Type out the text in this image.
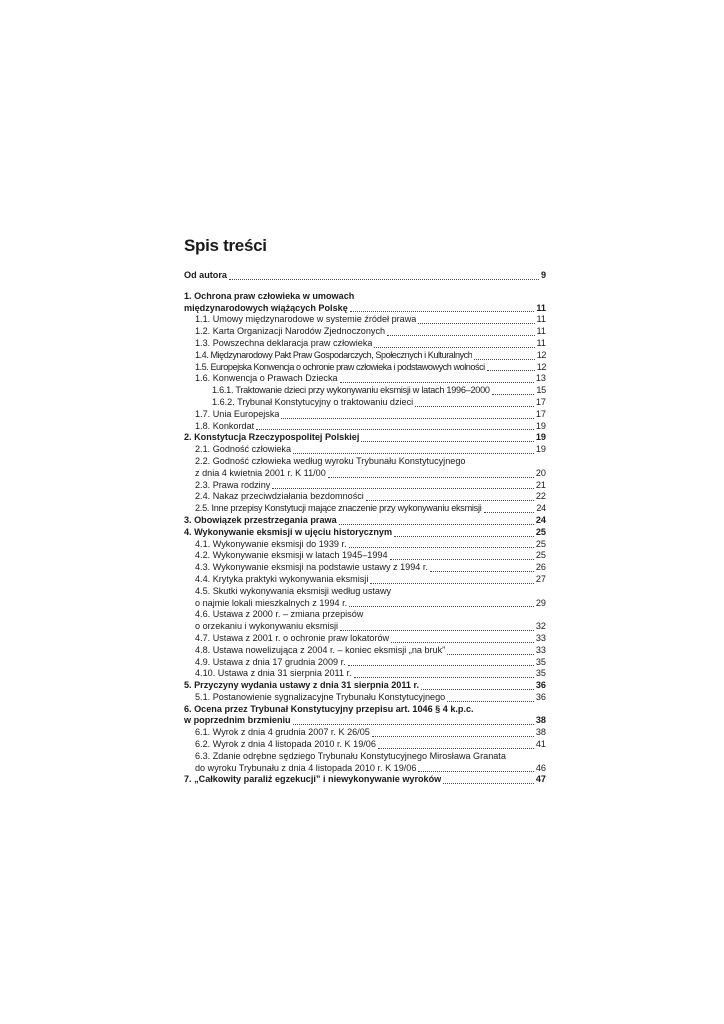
Spis treści
Od autora	9
1. Ochrona praw człowieka w umowach
międzynarodowych wiążących Polskę	11
1.1. Umowy międzynarodowe w systemie źródeł prawa	11
1.2. Karta Organizacji Narodów Zjednoczonych	11
1.3. Powszechna deklaracja praw człowieka	11
1.4. Międzynarodowy Pakt Praw Gospodarczych, Społecznych i Kulturalnych	12
1.5. Europejska Konwencja o ochronie praw człowieka i podstawowych wolności	12
1.6. Konwencja o Prawach Dziecka	13
1.6.1. Traktowanie dzieci przy wykonywaniu eksmisji w latach 1996–2000	15
1.6.2. Trybunał Konstytucyjny o traktowaniu dzieci	17
1.7. Unia Europejska	17
1.8. Konkordat	19
2. Konstytucja Rzeczypospolitej Polskiej	19
2.1. Godność człowieka	19
2.2. Godność człowieka według wyroku Trybunału Konstytucyjnego
z dnia 4 kwietnia 2001 r. K 11/00	20
2.3. Prawa rodziny	21
2.4. Nakaz przeciwdziałania bezdomności	22
2.5. Inne przepisy Konstytucji mające znaczenie przy wykonywaniu eksmisji	24
3. Obowiązek przestrzegania prawa	24
4. Wykonywanie eksmisji w ujęciu historycznym	25
4.1. Wykonywanie eksmisji do 1939 r.	25
4.2. Wykonywanie eksmisji w latach 1945–1994	25
4.3. Wykonywanie eksmisji na podstawie ustawy z 1994 r.	26
4.4. Krytyka praktyki wykonywania eksmisji	27
4.5. Skutki wykonywania eksmisji według ustawy
o najmie lokali mieszkalnych z 1994 r.	29
4.6. Ustawa z 2000 r. – zmiana przepisów
o orzekaniu i wykonywaniu eksmisji	32
4.7. Ustawa z 2001 r. o ochronie praw lokatorów	33
4.8. Ustawa nowelizująca z 2004 r. – koniec eksmisji „na bruk”	33
4.9. Ustawa z dnia 17 grudnia 2009 r.	35
4.10. Ustawa z dnia 31 sierpnia 2011 r.	35
5. Przyczyny wydania ustawy z dnia 31 sierpnia 2011 r.	36
5.1. Postanowienie sygnalizacyjne Trybunału Konstytucyjnego	36
6. Ocena przez Trybunał Konstytucyjny przepisu art. 1046 § 4 k.p.c.
w poprzednim brzmieniu	38
6.1. Wyrok z dnia 4 grudnia 2007 r. K 26/05	38
6.2. Wyrok z dnia 4 listopada 2010 r. K 19/06	41
6.3. Zdanie odrębne sędziego Trybunału Konstytucyjnego Mirosława Granata
do wyroku Trybunału z dnia 4 listopada 2010 r. K 19/06	46
7. „Całkowity paraliż egzekucji” i niewykonywanie wyroków	47
